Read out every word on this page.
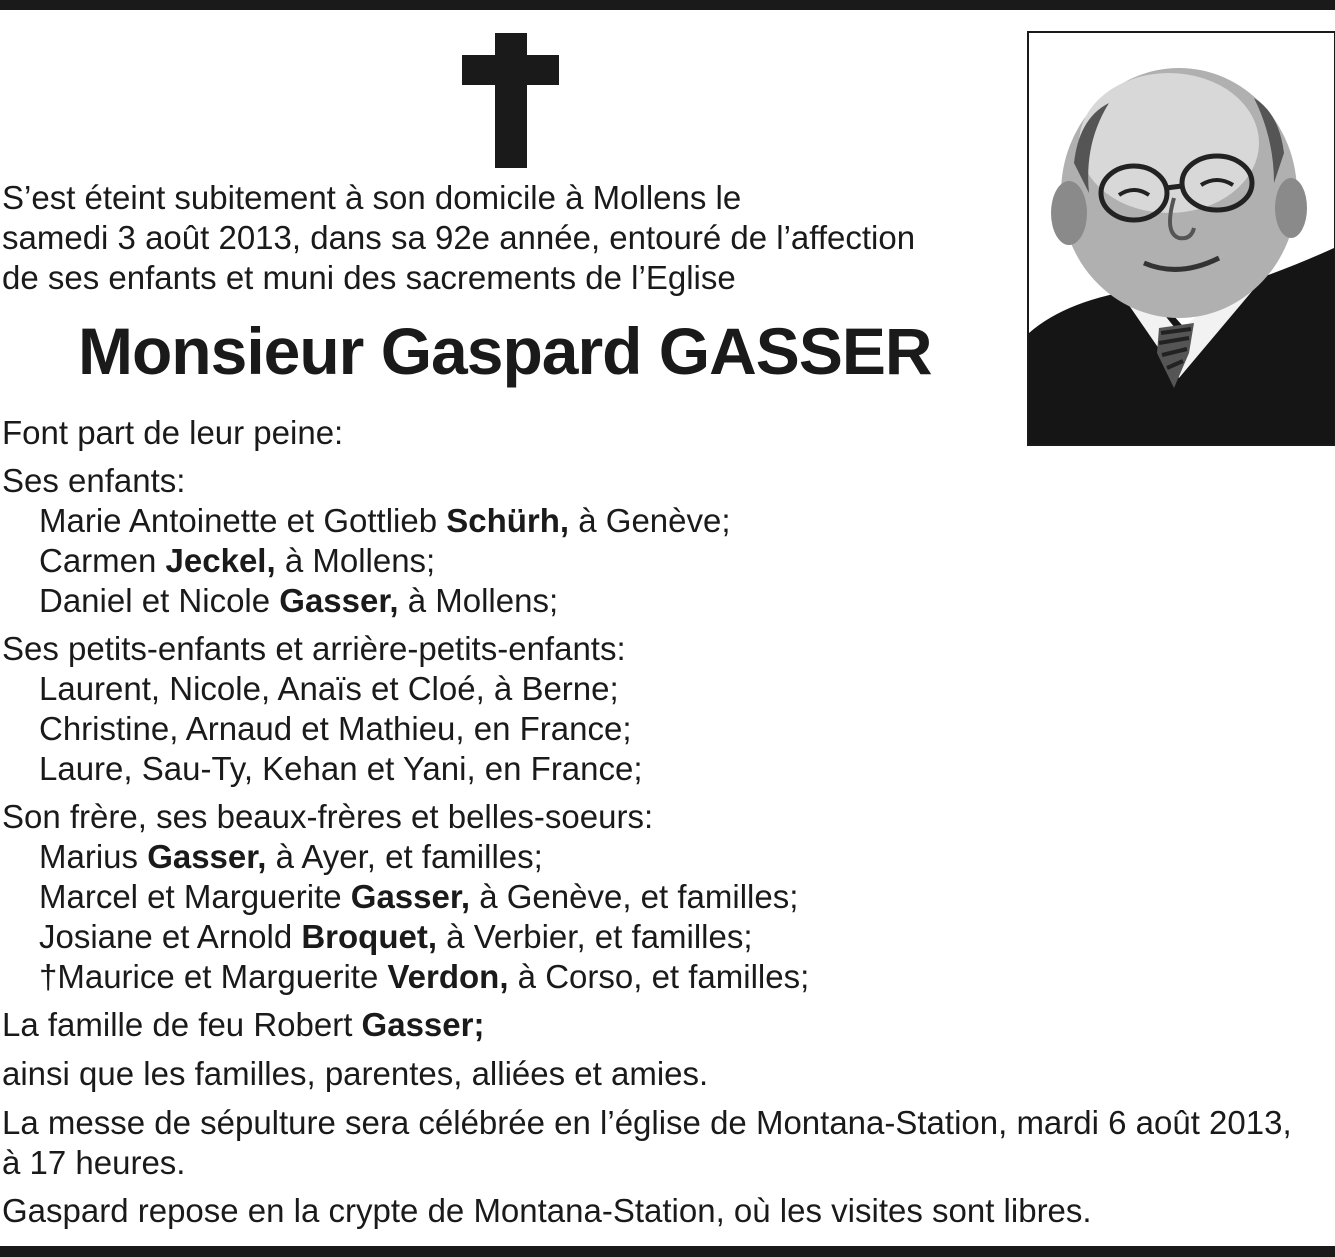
S’est éteint subitement à son domicile à Mollens le
samedi 3 août 2013, dans sa 92e année, entouré de l’affection
de ses enfants et muni des sacrements de l’Eglise
Monsieur Gaspard GASSER
Font part de leur peine:
Ses enfants:
Marie Antoinette et Gottlieb Schürh, à Genève;
Carmen Jeckel, à Mollens;
Daniel et Nicole Gasser, à Mollens;
Ses petits-enfants et arrière-petits-enfants:
Laurent, Nicole, Anaïs et Cloé, à Berne;
Christine, Arnaud et Mathieu, en France;
Laure, Sau-Ty, Kehan et Yani, en France;
Son frère, ses beaux-frères et belles-soeurs:
Marius Gasser, à Ayer, et familles;
Marcel et Marguerite Gasser, à Genève, et familles;
Josiane et Arnold Broquet, à Verbier, et familles;
†Maurice et Marguerite Verdon, à Corso, et familles;
La famille de feu Robert Gasser;
ainsi que les familles, parentes, alliées et amies.
La messe de sépulture sera célébrée en l’église de Montana-Station, mardi 6 août 2013,
à 17 heures.
Gaspard repose en la crypte de Montana-Station, où les visites sont libres.
